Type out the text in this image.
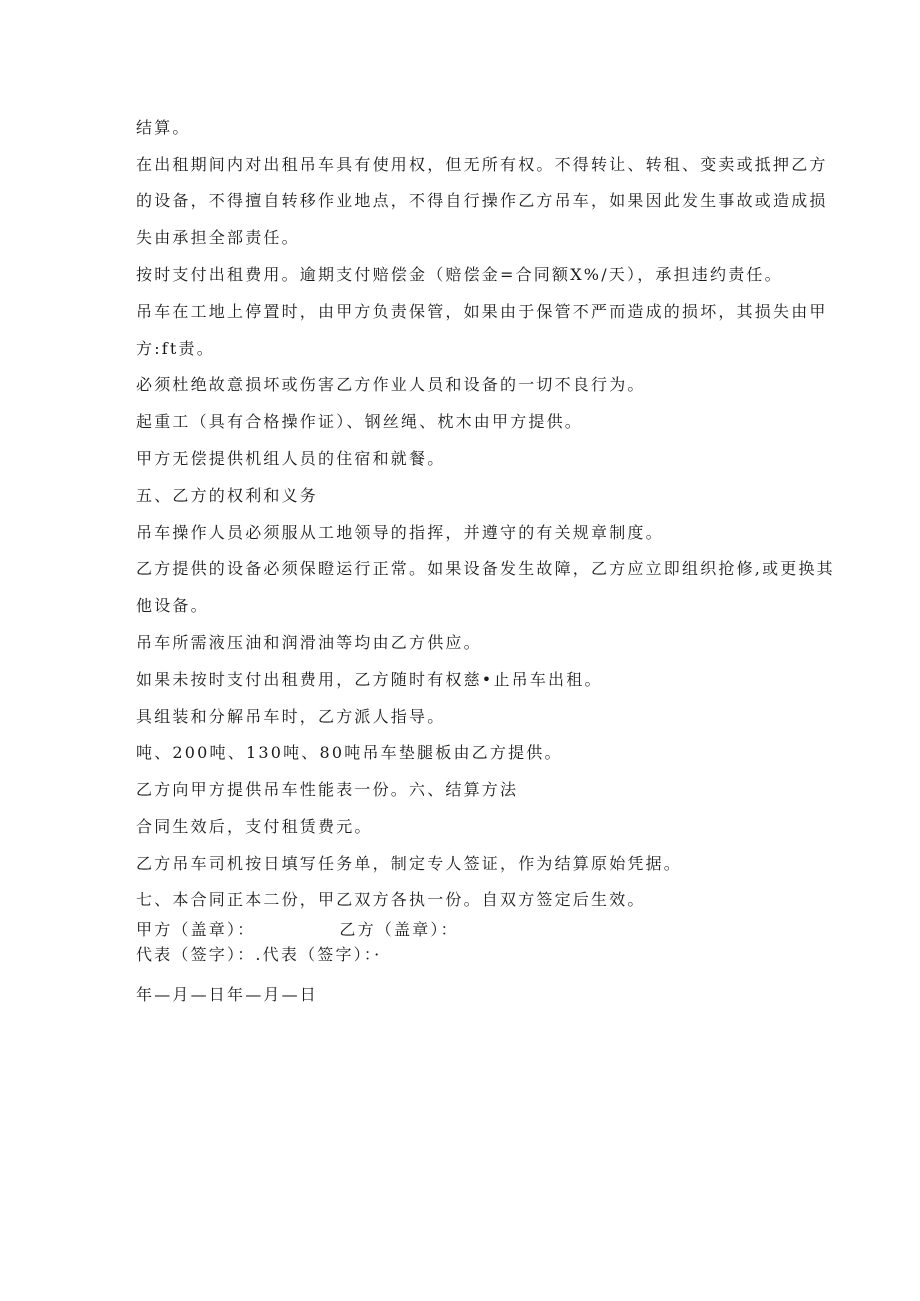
结算。
在出租期间内对出租吊车具有使用权，但无所有权。不得转让、转租、变卖或抵押乙方
的设备，不得擅自转移作业地点，不得自行操作乙方吊车，如果因此发生事故或造成损
失由承担全部责任。
按时支付出租费用。逾期支付赔偿金（赔偿金=合同额X%/天），承担违约责任。
吊车在工地上停置时，由甲方负责保管，如果由于保管不严而造成的损坏，其损失由甲
方:ft责。
必须杜绝故意损坏或伤害乙方作业人员和设备的一切不良行为。
起重工（具有合格操作证）、钢丝绳、枕木由甲方提供。
甲方无偿提供机组人员的住宿和就餐。
五、乙方的权利和义务
吊车操作人员必须服从工地领导的指挥，并遵守的有关规章制度。
乙方提供的设备必须保瞪运行正常。如果设备发生故障，乙方应立即组织抢修,或更换其
他设备。
吊车所需液压油和润滑油等均由乙方供应。
如果未按时支付出租费用，乙方随时有权慈•止吊车出租。
具组装和分解吊车时，乙方派人指导。
吨、200吨、130吨、80吨吊车垫腿板由乙方提供。
乙方向甲方提供吊车性能表一份。六、结算方法
合同生效后，支付租赁费元。
乙方吊车司机按日填写任务单，制定专人签证，作为结算原始凭据。
七、本合同正本二份，甲乙双方各执一份。自双方签定后生效。
甲方（盖章）：	乙方（盖章）：
代表（签字）：.代表（签字）：·
年—月—日年—月—日
